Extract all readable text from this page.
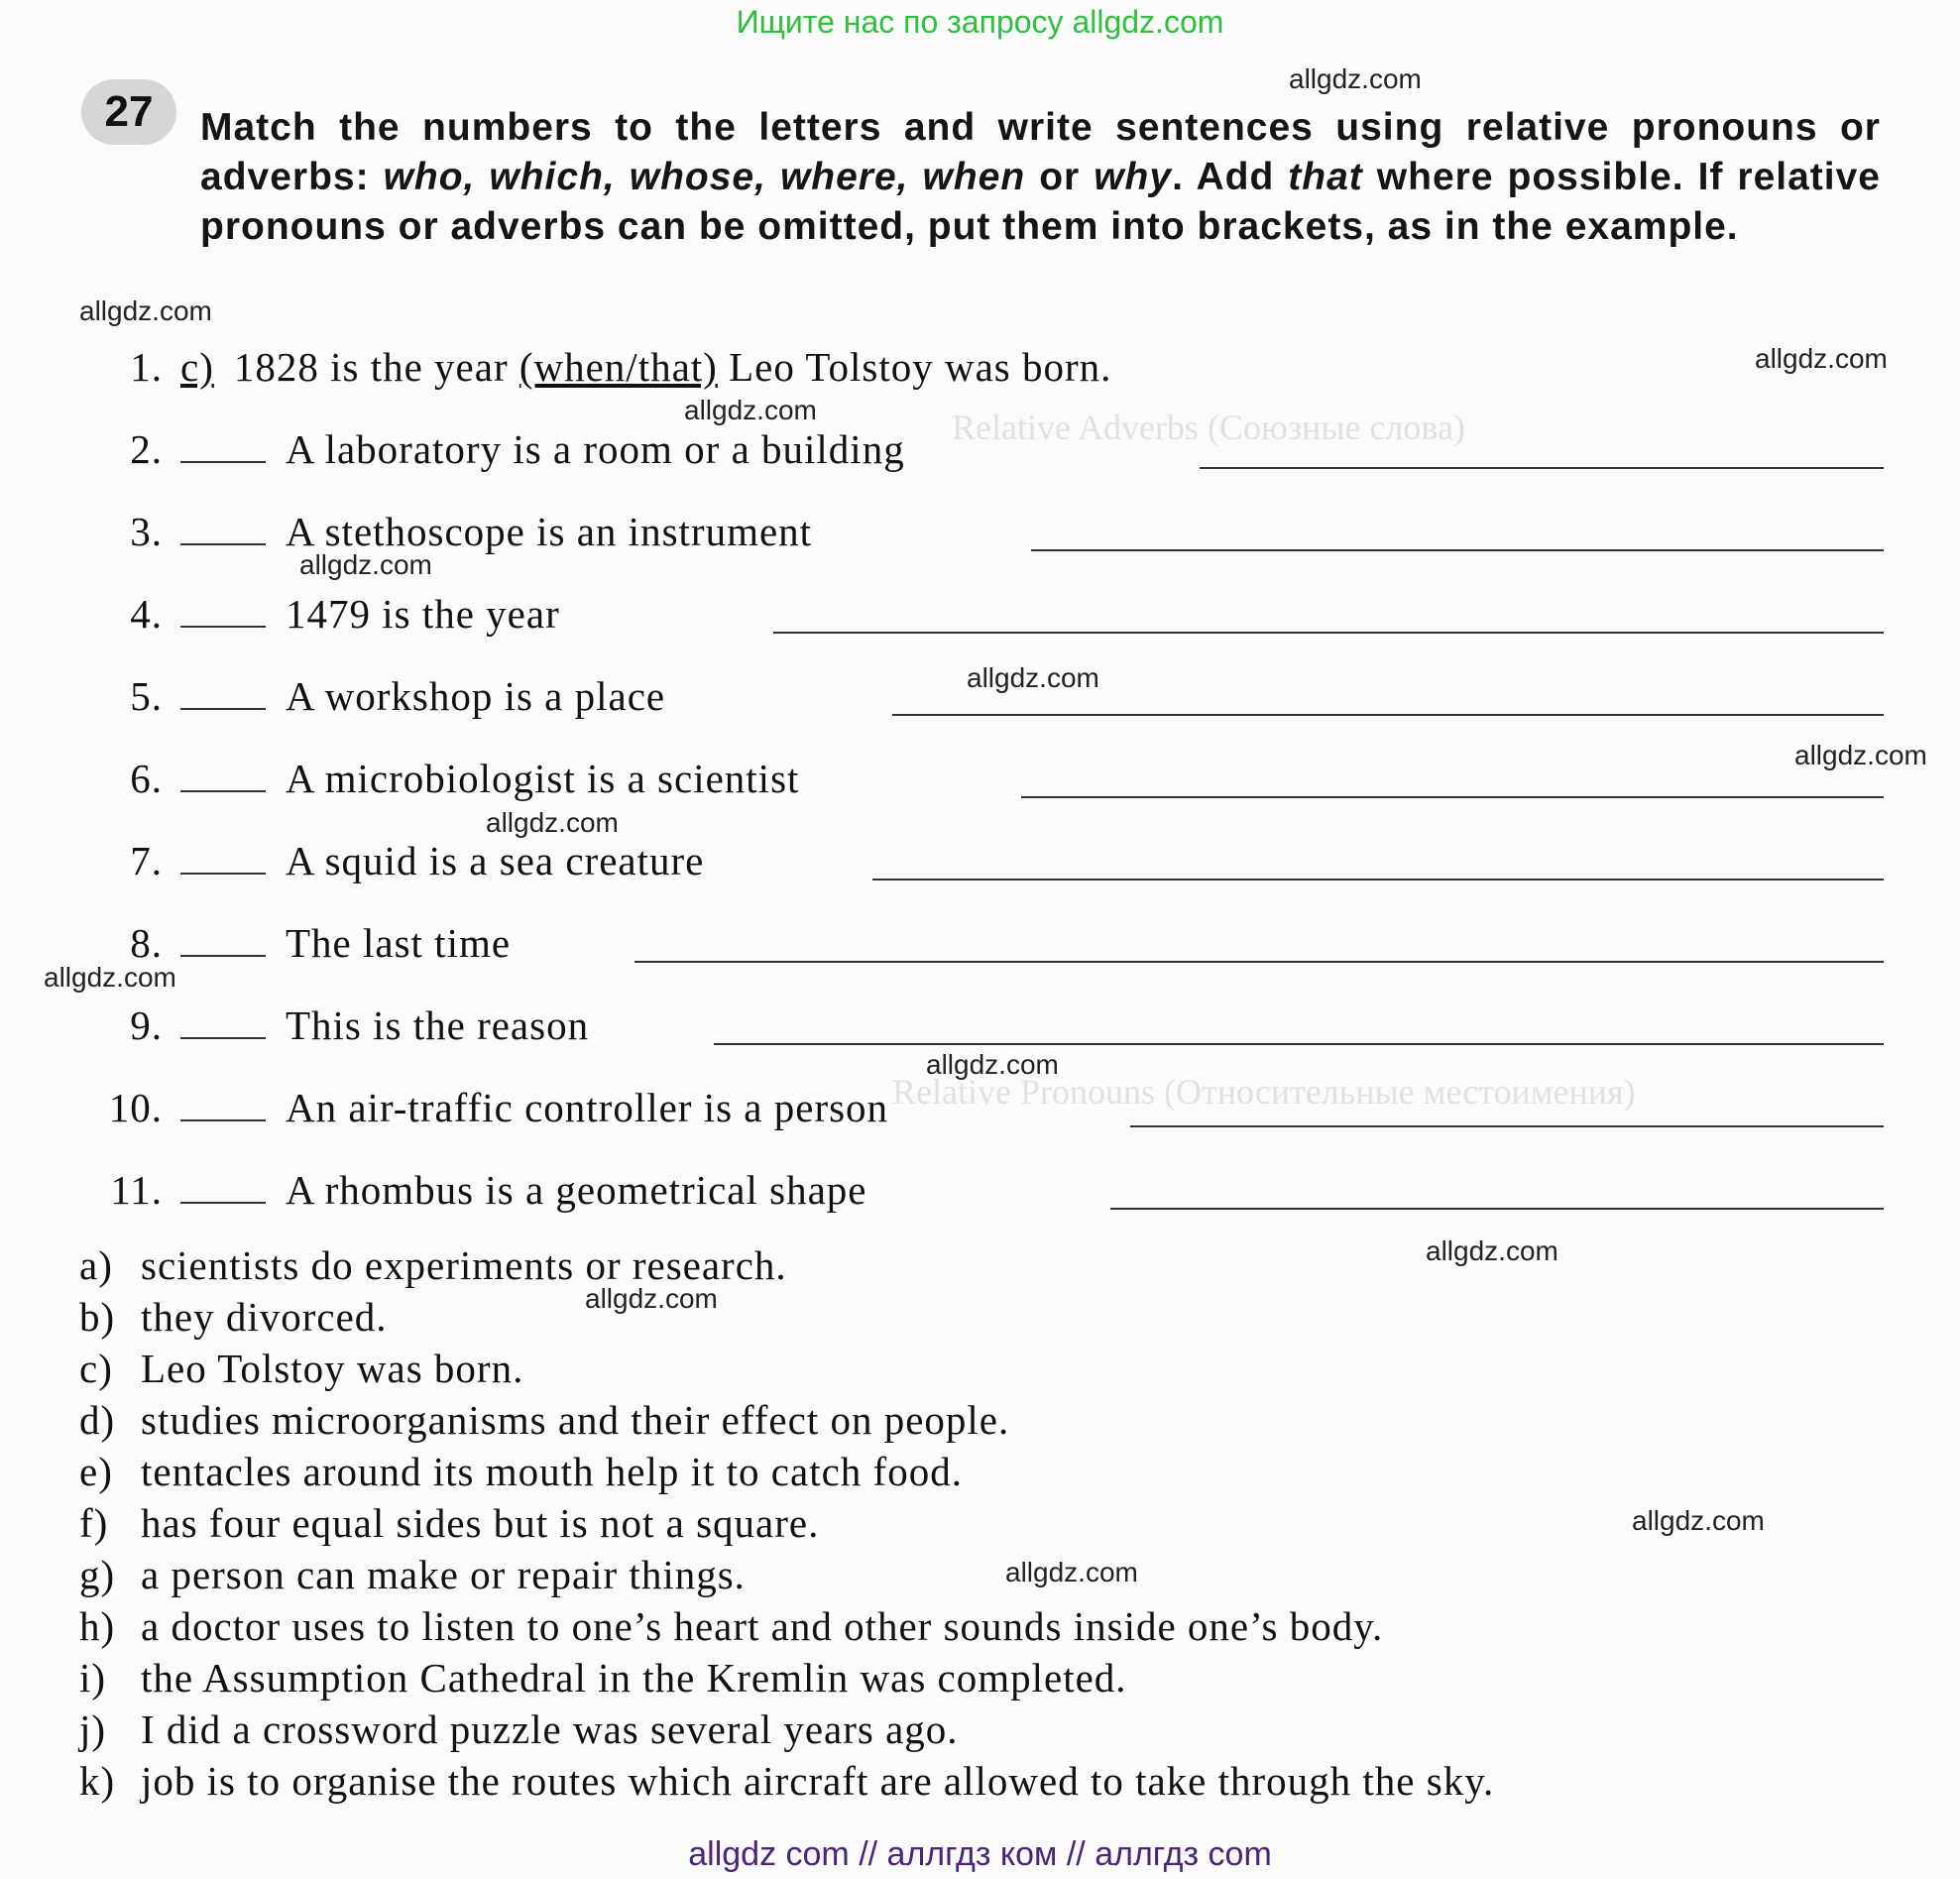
Relative Adverbs (Союзные слова)
Relative Pronouns (Относительные местоимения)
Ищите нас по запросу allgdz.com
27	Match the numbers to the letters and write sentences using relative pronouns or adverbs: who, which, whose, where, when or why. Add that where possible. If relative pronouns or adverbs can be omitted, put them into brackets, as in the example.
1. c) 1828 is the year (when/that) Leo Tolstoy was born.
2.	A laboratory is a room or a building
3.	A stethoscope is an instrument
4.	1479 is the year
5.	A workshop is a place
6.	A microbiologist is a scientist
7.	A squid is a sea creature
8.	The last time
9.	This is the reason
10.	An air-traffic controller is a person
11.	A rhombus is a geometrical shape
a) scientists do experiments or research.
b) they divorced.
c) Leo Tolstoy was born.
d) studies microorganisms and their effect on people.
e) tentacles around its mouth help it to catch food.
f) has four equal sides but is not a square.
g) a person can make or repair things.
h) a doctor uses to listen to one’s heart and other sounds inside one’s body.
i) the Assumption Cathedral in the Kremlin was completed.
j) I did a crossword puzzle was several years ago.
k) job is to organise the routes which aircraft are allowed to take through the sky.
allgdz.com
allgdz.com
allgdz.com
allgdz.com
allgdz.com
allgdz.com
allgdz.com
allgdz.com
allgdz.com
allgdz.com
allgdz.com
allgdz.com
allgdz.com
allgdz.com
allgdz com // аллгдз ком // аллгдз com
